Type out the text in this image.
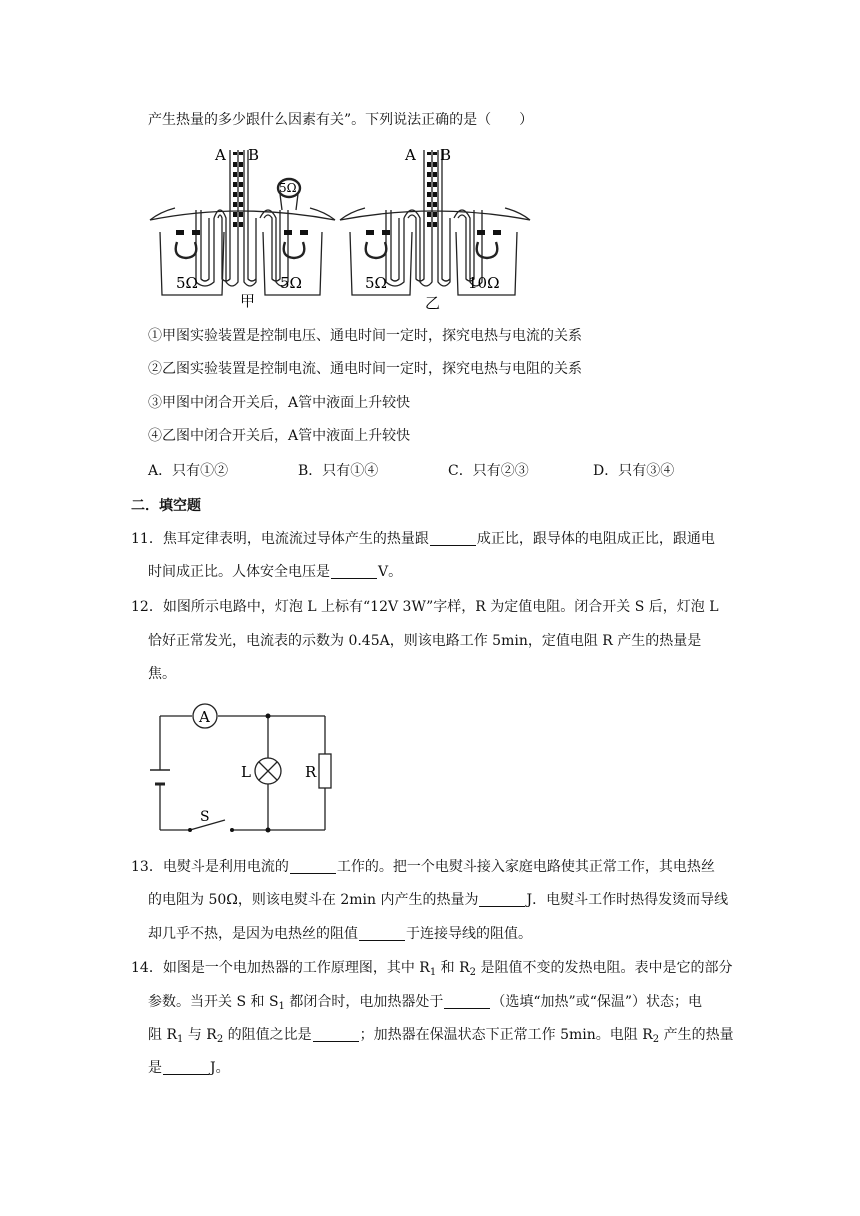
产生热量的多少跟什么因素有关”。下列说法正确的是（　　）
A B
5Ω
5Ω	5Ω
甲
A B
5Ω	10Ω
乙
①甲图实验装置是控制电压、通电时间一定时，探究电热与电流的关系
②乙图实验装置是控制电流、通电时间一定时，探究电热与电阻的关系
③甲图中闭合开关后，A管中液面上升较快
④乙图中闭合开关后，A管中液面上升较快
A．只有①②	B．只有①④	C．只有②③	D．只有③④
二．填空题
11．焦耳定律表明，电流流过导体产生的热量跟	成正比，跟导体的电阻成正比，跟通电
时间成正比。人体安全电压是	V。
12．如图所示电路中，灯泡 L 上标有“12V 3W”字样，R 为定值电阻。闭合开关 S 后，灯泡 L
恰好正常发光，电流表的示数为 0.45A，则该电路工作 5min，定值电阻 R 产生的热量是
焦。
A
L	R
S
13．电熨斗是利用电流的	工作的。把一个电熨斗接入家庭电路使其正常工作，其电热丝
的电阻为 50Ω，则该电熨斗在 2min 内产生的热量为	J．电熨斗工作时热得发烫而导线
却几乎不热，是因为电热丝的阻值	于连接导线的阻值。
14．如图是一个电加热器的工作原理图，其中 $R_1$ 和 $R_2$ 是阻值不变的发热电阻。表中是它的部分
参数。当开关 S 和 $S_1$ 都闭合时，电加热器处于	（选填“加热”或“保温”）状态；电
阻 $R_1$ 与 $R_2$ 的阻值之比是	；加热器在保温状态下正常工作 5min。电阻 $R_2$ 产生的热量
是	J。
